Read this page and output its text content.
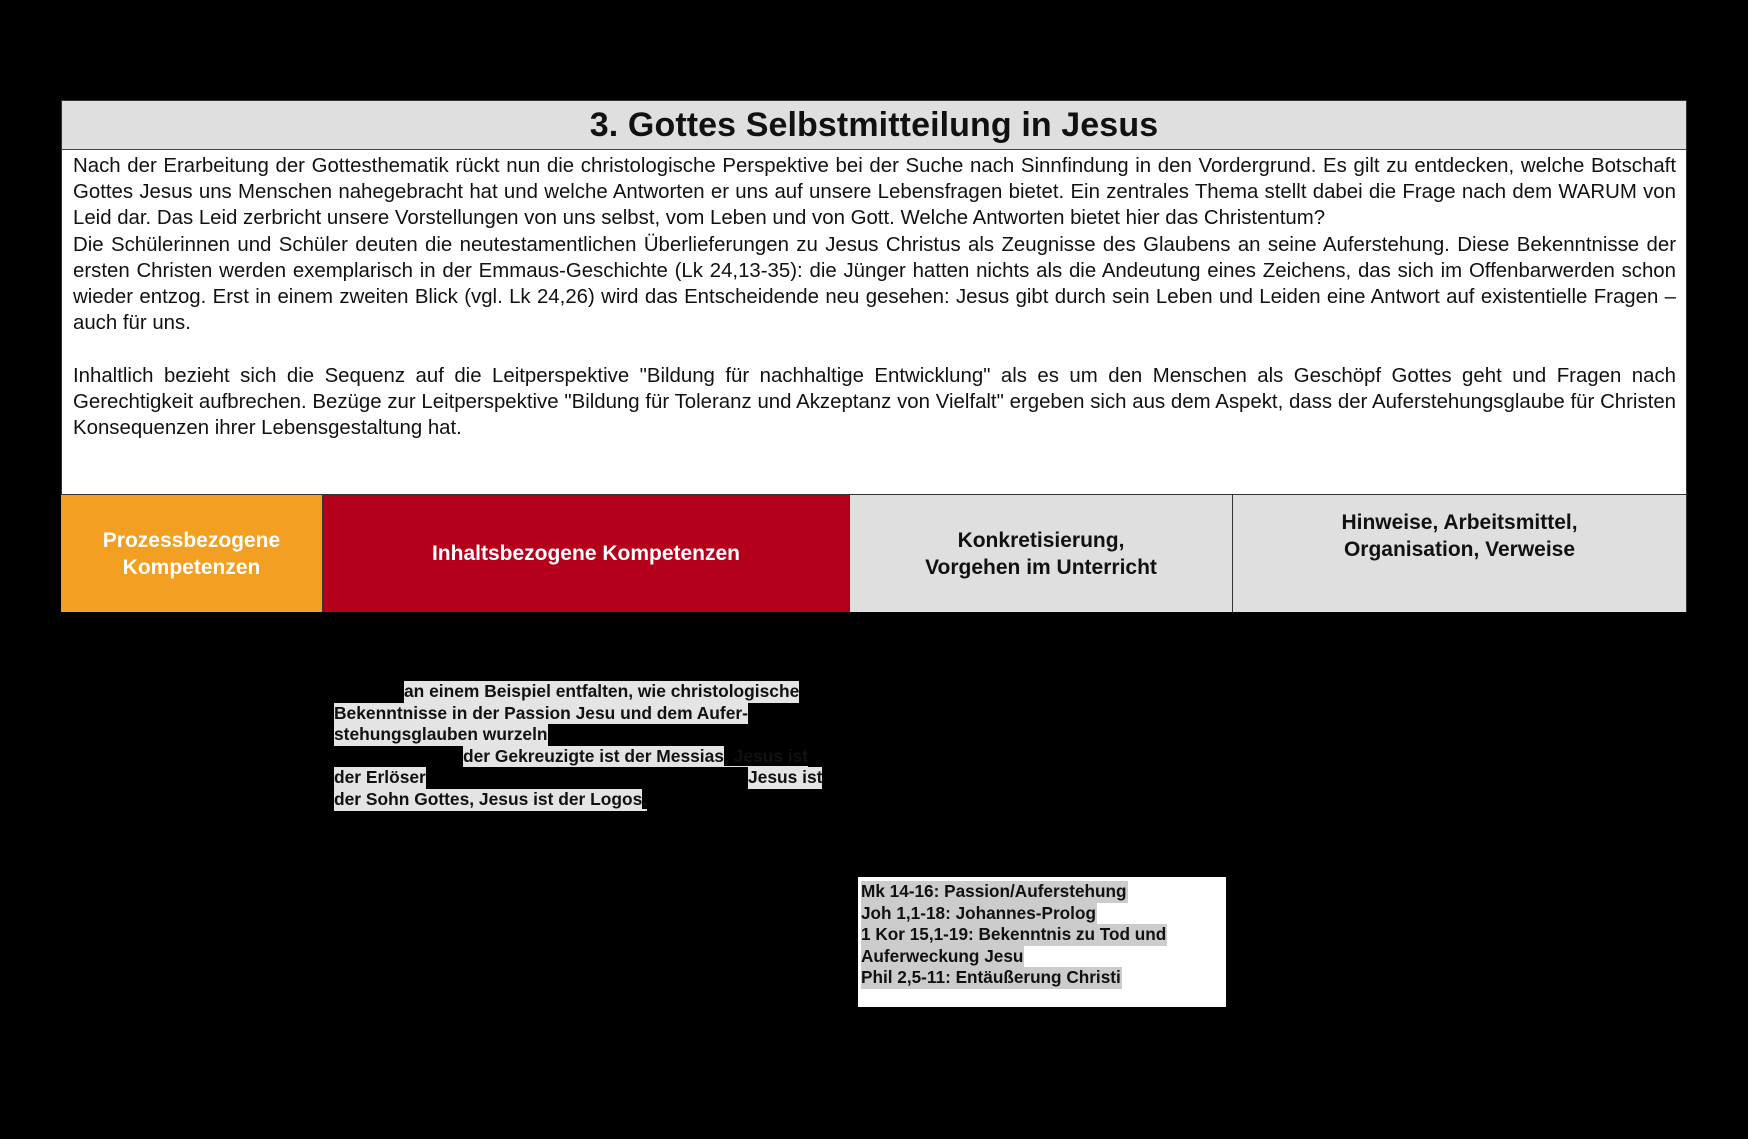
3. Gottes Selbstmitteilung in Jesus

Nach der Erarbeitung der Gottesthematik rückt nun die christologische Perspektive bei der Suche nach Sinnfindung in den Vordergrund. Es gilt zu entdecken, welche Botschaft Gottes Jesus uns Menschen nahegebracht hat und welche Antworten er uns auf unsere Lebensfragen bietet. Ein zentrales Thema stellt dabei die Frage nach dem WARUM von Leid dar. Das Leid zerbricht unsere Vorstellungen von uns selbst, vom Leben und von Gott. Welche Antworten bietet hier das Christentum?

Die Schülerinnen und Schüler deuten die neutestamentlichen Überlieferungen zu Jesus Christus als Zeugnisse des Glaubens an seine Auferstehung. Diese Bekenntnisse der ersten Christen werden exemplarisch in der Emmaus-Geschichte (Lk 24,13-35): die Jünger hatten nichts als die Andeutung eines Zeichens, das sich im Offenbarwerden schon wieder entzog. Erst in einem zweiten Blick (vgl. Lk 24,26) wird das Entscheidende neu gesehen: Jesus gibt durch sein Leben und Leiden eine Antwort auf existentielle Fragen – auch für uns.

Inhaltlich bezieht sich die Sequenz auf die Leitperspektive "Bildung für nachhaltige Entwicklung" als es um den Menschen als Geschöpf Gottes geht und Fragen nach Gerechtigkeit aufbrechen. Bezüge zur Leitperspektive "Bildung für Toleranz und Akzeptanz von Vielfalt" ergeben sich aus dem Aspekt, dass der Auferstehungsglaube für Christen Konsequenzen ihrer Lebensgestaltung hat.

Prozessbezogene
Kompetenzen
Inhaltsbezogene Kompetenzen
Konkretisierung,
Vorgehen im Unterricht
Hinweise, Arbeitsmittel,
Organisation, Verweise
an einem Beispiel entfalten, wie christologische
Bekenntnisse in der Passion Jesu und dem Aufer-
stehungsglauben wurzeln
der Gekreuzigte ist der Messias, Jesus ist
der Erlöser	Jesus ist
der Sohn Gottes, Jesus ist der Logos,
Mk 14-16: Passion/Auferstehung
Joh 1,1-18: Johannes-Prolog
1 Kor 15,1-19: Bekenntnis zu Tod und
Auferweckung Jesu
Phil 2,5-11: Entäußerung Christi
